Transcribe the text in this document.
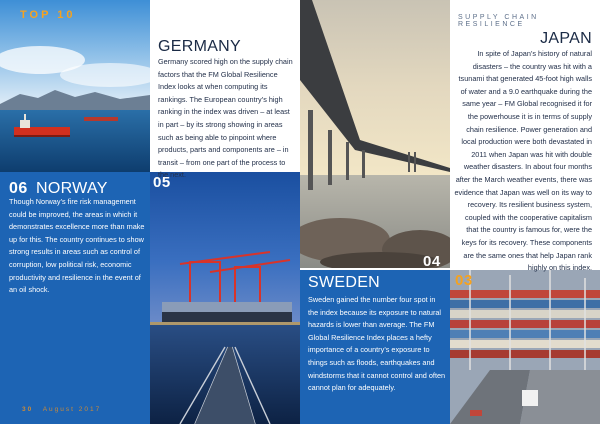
TOP 10	SUPPLY CHAIN RESILIENCE
GERMANY
Germany scored high on the supply chain factors that the FM Global Resilience Index looks at when computing its rankings. The European country’s high ranking in the index was driven – at least in part – by its strong showing in areas such as being able to pinpoint where products, parts and components are – in transit – from one part of the process to the next.
JAPAN
In spite of Japan’s history of natural disasters – the country was hit with a tsunami that generated 45-foot high walls of water and a 9.0 earthquake during the same year – FM Global recognised it for the powerhouse it is in terms of supply chain resilience. Power generation and local production were both devastated in 2011 when Japan was hit with double weather disasters. In about four months after the March weather events, there was evidence that Japan was well on its way to recovery. Its resilient business system, coupled with the cooperative capitalism that the country is famous for, were the keys for its recovery. These components are the same ones that help Japan rank highly on this index.
06 NORWAY
Though Norway’s fire risk management could be improved, the areas in which it demonstrates excellence more than make up for this. The country continues to show strong results in areas such as control of corruption, low political risk, economic productivity and resilience in the event of an oil shock.
05
04
03
SWEDEN
Sweden gained the number four spot in the index because its exposure to natural hazards is lower than average. The FM Global Resilience Index places a hefty importance of a country’s exposure to things such as floods, earthquakes and windstorms that it cannot control and often cannot plan for adequately.
30 August 2017
